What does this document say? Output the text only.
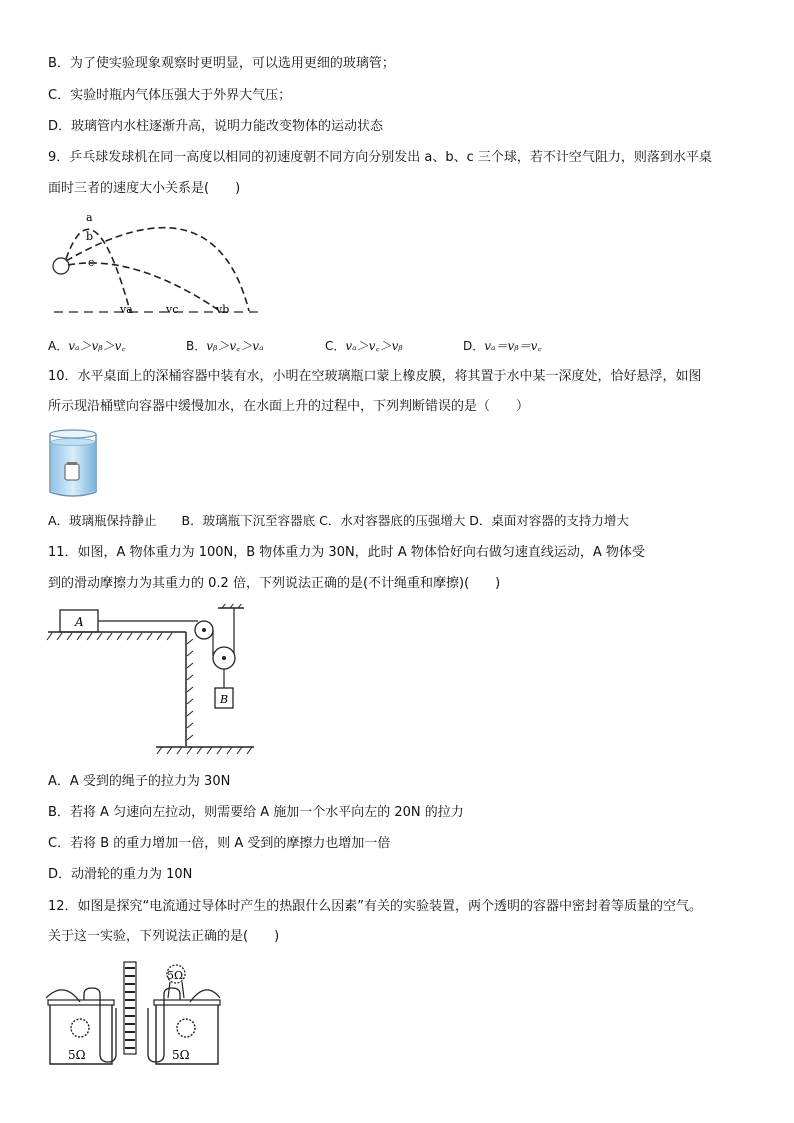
B．为了使实验现象观察时更明显，可以选用更细的玻璃管；
C．实验时瓶内气体压强大于外界大气压；
D．玻璃管内水柱逐渐升高，说明力能改变物体的运动状态
9．乒乓球发球机在同一高度以相同的初速度朝不同方向分别发出 a、b、c 三个球，若不计空气阻力，则落到水平桌
面时三者的速度大小关系是(　　)
a
b
c
va	vc	vb
A．vₐ＞vᵦ＞v꜀	B．vᵦ＞v꜀＞vₐ	C．vₐ＞v꜀＞vᵦ	D．vₐ＝vᵦ＝v꜀
10．水平桌面上的深桶容器中装有水，小明在空玻璃瓶口蒙上橡皮膜，将其置于水中某一深度处，恰好悬浮，如图
所示现沿桶壁向容器中缓慢加水，在水面上升的过程中，下列判断错误的是（　　）
A．玻璃瓶保持静止　　B．玻璃瓶下沉至容器底 C．水对容器底的压强增大 D．桌面对容器的支持力增大
11．如图，A 物体重力为 100N，B 物体重力为 30N，此时 A 物体恰好向右做匀速直线运动，A 物体受
到的滑动摩擦力为其重力的 0.2 倍，下列说法正确的是(不计绳重和摩擦)(　　)
A
B
A．A 受到的绳子的拉力为 30N
B．若将 A 匀速向左拉动，则需要给 A 施加一个水平向左的 20N 的拉力
C．若将 B 的重力增加一倍，则 A 受到的摩擦力也增加一倍
D．动滑轮的重力为 10N
12．如图是探究“电流通过导体时产生的热跟什么因素”有关的实验装置，两个透明的容器中密封着等质量的空气。
关于这一实验，下列说法正确的是(　　)
5Ω	5Ω
5Ω
